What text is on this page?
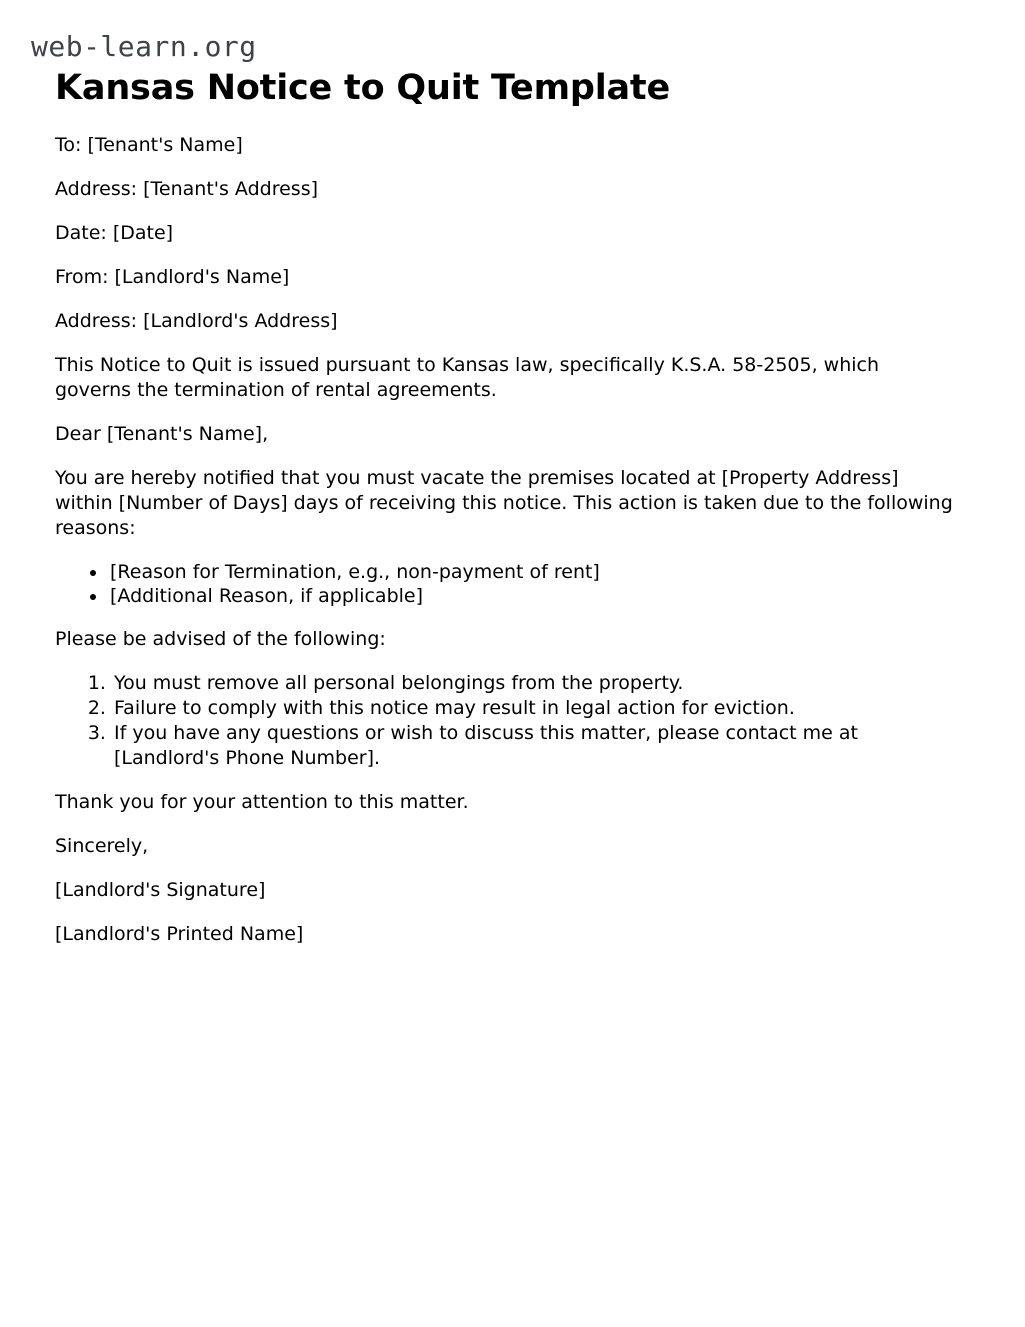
web-learn.org
Kansas Notice to Quit Template

To: [Tenant's Name]

Address: [Tenant's Address]

Date: [Date]

From: [Landlord's Name]

Address: [Landlord's Address]

This Notice to Quit is issued pursuant to Kansas law, specifically K.S.A. 58-2505, which governs the termination of rental agreements.

Dear [Tenant's Name],

You are hereby notified that you must vacate the premises located at [Property Address] within [Number of Days] days of receiving this notice. This action is taken due to the following reasons:

• [Reason for Termination, e.g., non-payment of rent]
• [Additional Reason, if applicable]

Please be advised of the following:

1. You must remove all personal belongings from the property.
2. Failure to comply with this notice may result in legal action for eviction.
3. If you have any questions or wish to discuss this matter, please contact me at [Landlord's Phone Number].

Thank you for your attention to this matter.

Sincerely,

[Landlord's Signature]

[Landlord's Printed Name]
